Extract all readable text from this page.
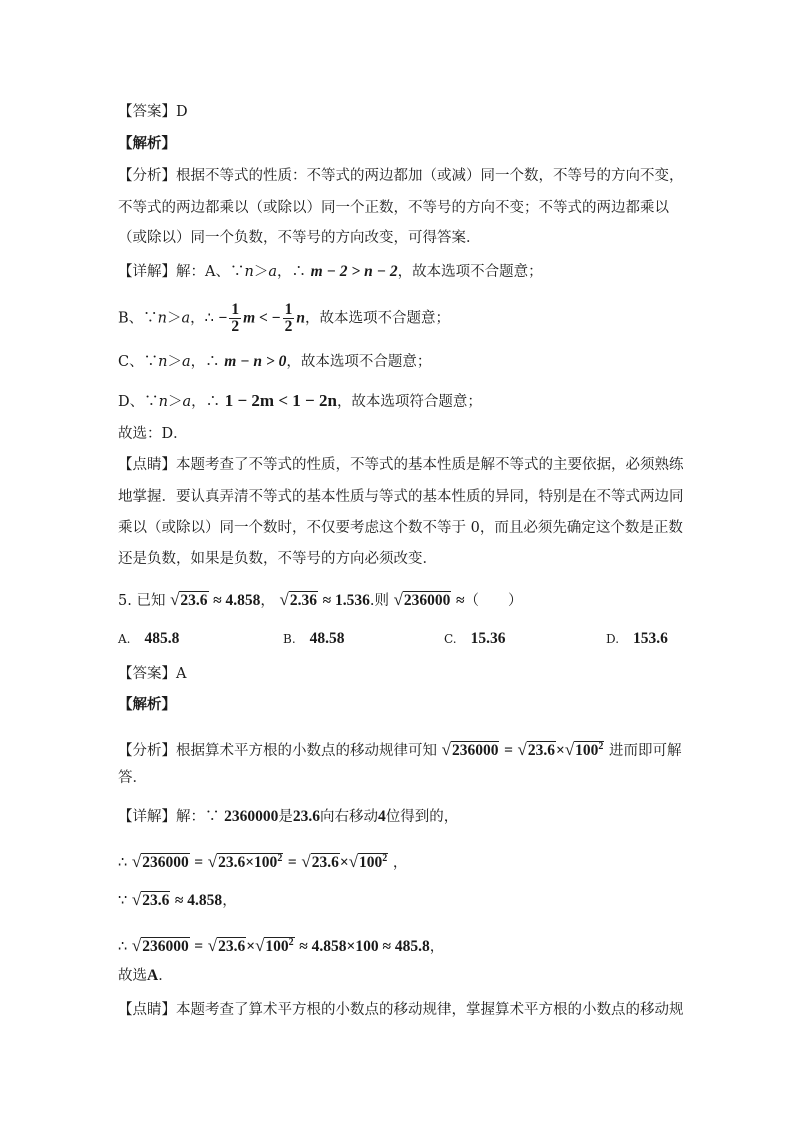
【答案】D
【解析】
【分析】根据不等式的性质：不等式的两边都加（或减）同一个数，不等号的方向不变，
不等式的两边都乘以（或除以）同一个正数，不等号的方向不变；不等式的两边都乘以
（或除以）同一个负数，不等号的方向改变，可得答案．
【详解】解：A、∵n＞a，∴ m − 2 > n − 2，故本选项不合题意；
B、∵n＞a，∴ − $\frac{1}{2}$ m < − $\frac{1}{2}$ n，故本选项不合题意；
C、∵n＞a，∴ m − n > 0，故本选项不合题意；
D、∵n＞a，∴ 1 − 2m < 1 − 2n，故本选项符合题意；
故选：D．
【点睛】本题考查了不等式的性质，不等式的基本性质是解不等式的主要依据，必须熟练
地掌握．要认真弄清不等式的基本性质与等式的基本性质的异同，特别是在不等式两边同
乘以（或除以）同一个数时，不仅要考虑这个数不等于 0，而且必须先确定这个数是正数
还是负数，如果是负数，不等号的方向必须改变．
5. 已知 √23.6 ≈ 4.858， √2.36 ≈ 1.536.则 √236000 ≈（　　）
A. 485.8	B. 48.58	C. 15.36	D. 153.6
【答案】A
【解析】
【分析】根据算术平方根的小数点的移动规律可知 $√236000 = √23.6\times√100^2$ 进而即可解
答．
【详解】解：∵ 2360000是23.6向右移动4位得到的，
∴ $√236000 = √23.6\times 100^2 = √23.6\times√100^2$ ，
∵ √23.6 ≈ 4.858，
∴ $√236000 = √23.6\times√100^2 \approx 4.858\times 100 \approx 485.8$，
故选A．
【点睛】本题考查了算术平方根的小数点的移动规律，掌握算术平方根的小数点的移动规
